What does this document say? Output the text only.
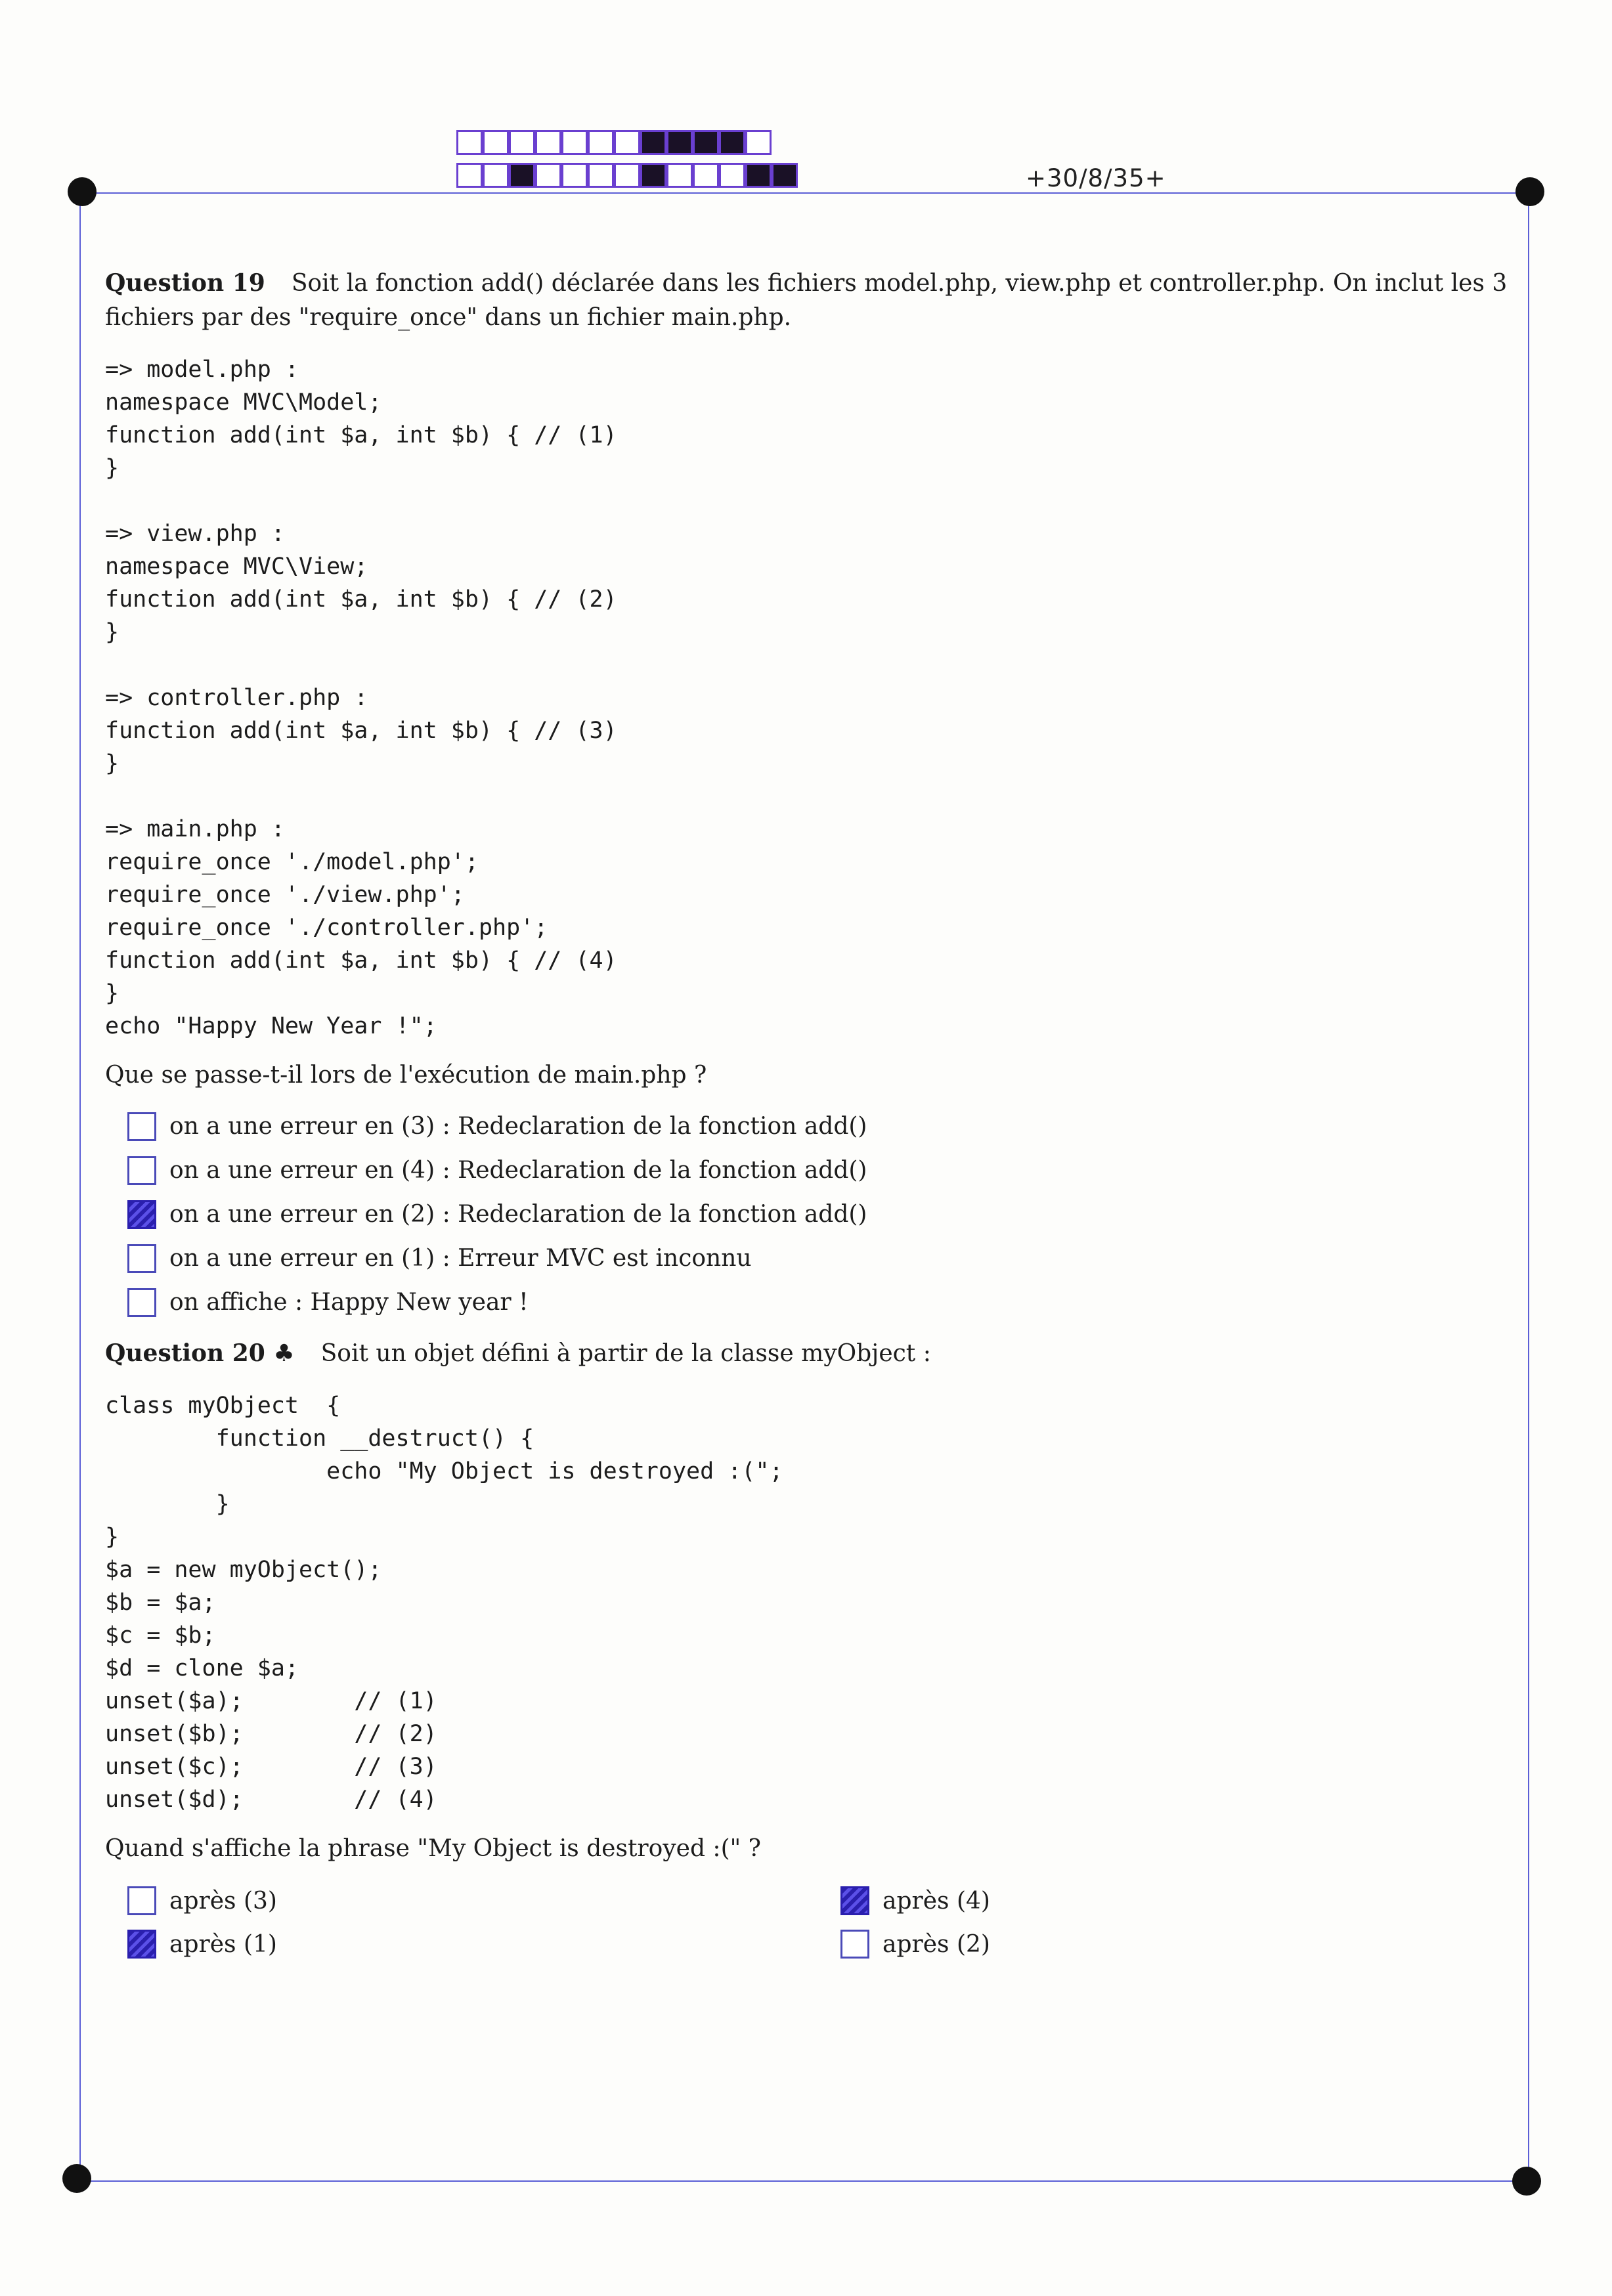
+30/8/35+

Question 19 Soit la fonction add() déclarée dans les fichiers model.php, view.php et controller.php. On inclut les 3 fichiers par des "require_once" dans un fichier main.php.

=> model.php :
namespace MVC\Model;
function add(int $a, int $b) { // (1)
}

=> view.php :
namespace MVC\View;
function add(int $a, int $b) { // (2)
}

=> controller.php :
function add(int $a, int $b) { // (3)
}

=> main.php :
require_once './model.php';
require_once './view.php';
require_once './controller.php';
function add(int $a, int $b) { // (4)
}
echo "Happy New Year !";

Que se passe-t-il lors de l'exécution de main.php ?

on a une erreur en (3) : Redeclaration de la fonction add()
on a une erreur en (4) : Redeclaration de la fonction add()
on a une erreur en (2) : Redeclaration de la fonction add()
on a une erreur en (1) : Erreur MVC est inconnu
on affiche : Happy New year !

Question 20 ♣ Soit un objet défini à partir de la classe myObject :

class myObject  {
function __destruct() {
echo "My Object is destroyed :(";
}
}
$a = new myObject();
$b = $a;
$c = $b;
$d = clone $a;
unset($a);        // (1)
unset($b);        // (2)
unset($c);        // (3)
unset($d);        // (4)

Quand s'affiche la phrase "My Object is destroyed :(" ?

après (3)	après (4)
après (1)	après (2)
